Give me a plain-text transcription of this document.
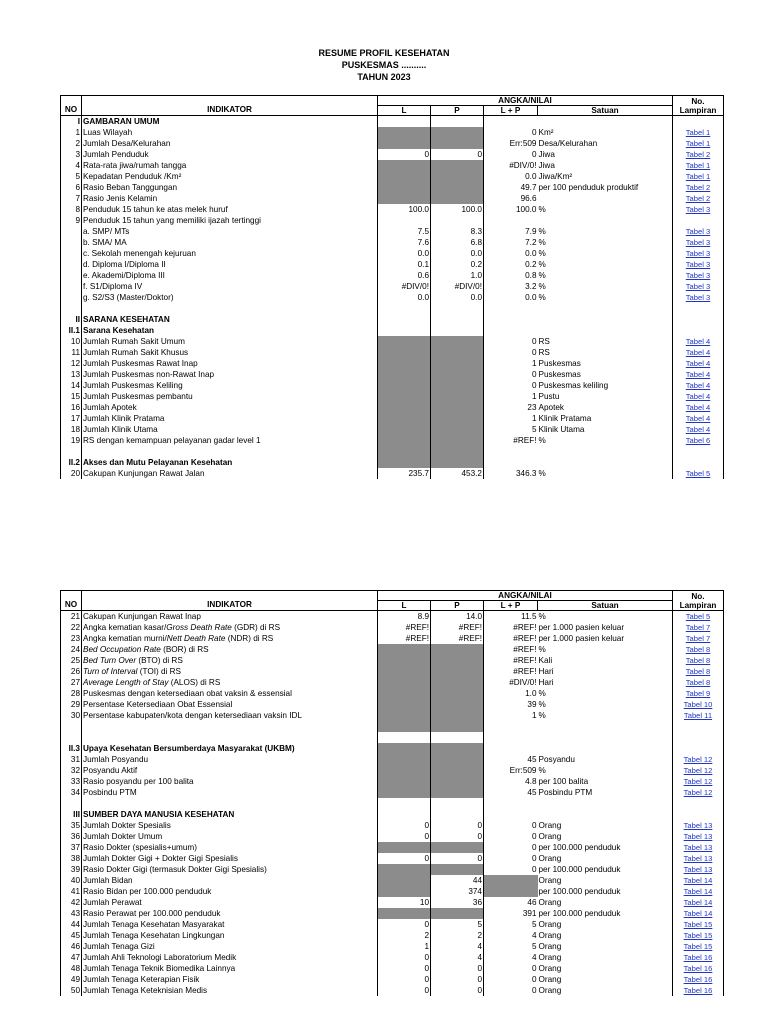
RESUME PROFIL KESEHATAN
PUSKESMAS ..........
TAHUN 2023
NO	INDIKATOR	ANGKA/NILAI				No.
		L	P	L + P	Satuan	Lampiran
I	GAMBARAN UMUM					
1	Luas Wilayah			0	Km²	Tabel 1
2	Jumlah Desa/Kelurahan			Err:509	Desa/Kelurahan	Tabel 1
3	Jumlah Penduduk	0	0	0	Jiwa	Tabel 2
4	Rata-rata jiwa/rumah tangga			#DIV/0!	Jiwa	Tabel 1
5	Kepadatan Penduduk /Km²			0.0	Jiwa/Km²	Tabel 1
6	Rasio Beban Tanggungan			49.7	per 100 penduduk produktif	Tabel 2
7	Rasio Jenis Kelamin			96.6		Tabel 2
8	Penduduk 15 tahun ke atas melek huruf	100.0	100.0	100.0	%	Tabel 3
9	Penduduk 15 tahun yang memiliki ijazah tertinggi					
	a. SMP/ MTs	7.5	8.3	7.9	%	Tabel 3
	b. SMA/ MA	7.6	6.8	7.2	%	Tabel 3
	c. Sekolah menengah kejuruan	0.0	0.0	0.0	%	Tabel 3
	d. Diploma I/Diploma II	0.1	0.2	0.2	%	Tabel 3
	e. Akademi/Diploma III	0.6	1.0	0.8	%	Tabel 3
	f. S1/Diploma IV	#DIV/0!	#DIV/0!	3.2	%	Tabel 3
	g. S2/S3 (Master/Doktor)	0.0	0.0	0.0	%	Tabel 3

II	SARANA KESEHATAN					
II.1	Sarana Kesehatan					
10	Jumlah Rumah Sakit Umum			0	RS	Tabel 4
11	Jumlah Rumah Sakit Khusus			0	RS	Tabel 4
12	Jumlah Puskesmas Rawat Inap			1	Puskesmas	Tabel 4
13	Jumlah Puskesmas non-Rawat Inap			0	Puskesmas	Tabel 4
14	Jumlah Puskesmas Keliling			0	Puskesmas keliling	Tabel 4
15	Jumlah Puskesmas pembantu			1	Pustu	Tabel 4
16	Jumlah Apotek			23	Apotek	Tabel 4
17	Jumlah Klinik Pratama			1	Klinik Pratama	Tabel 4
18	Jumlah Klinik Utama			5	Klinik Utama	Tabel 4
19	RS dengan kemampuan pelayanan gadar level 1			#REF!	%	Tabel 6

II.2	Akses dan Mutu Pelayanan Kesehatan					
20	Cakupan Kunjungan Rawat Jalan	235.7	453.2	346.3	%	Tabel 5
NO	INDIKATOR	ANGKA/NILAI				No.
		L	P	L + P	Satuan	Lampiran
21	Cakupan Kunjungan Rawat Inap	8.9	14.0	11.5	%	Tabel 5
22	Angka kematian kasar/Gross Death Rate (GDR) di RS	#REF!	#REF!	#REF!	per 1.000 pasien keluar	Tabel 7
23	Angka kematian murni/Nett Death Rate (NDR) di RS	#REF!	#REF!	#REF!	per 1.000 pasien keluar	Tabel 7
24	Bed Occupation Rate (BOR) di RS			#REF!	%	Tabel 8
25	Bed Turn Over (BTO) di RS			#REF!	Kali	Tabel 8
26	Turn of Interval (TOI) di RS			#REF!	Hari	Tabel 8
27	Average Length of Stay (ALOS) di RS			#DIV/0!	Hari	Tabel 8
28	Puskesmas dengan ketersediaan obat vaksin & essensial			1.0	%	Tabel 9
29	Persentase Ketersediaan Obat Essensial			39	%	Tabel 10
30	Persentase kabupaten/kota dengan ketersediaan vaksin IDL			1	%	Tabel 11

II.3	Upaya Kesehatan Bersumberdaya Masyarakat (UKBM)					
31	Jumlah Posyandu			45	Posyandu	Tabel 12
32	Posyandu Aktif			Err:509	%	Tabel 12
33	Rasio posyandu per 100 balita			4.8	per 100 balita	Tabel 12
34	Posbindu PTM			45	Posbindu PTM	Tabel 12

III	SUMBER DAYA MANUSIA KESEHATAN					
35	Jumlah Dokter Spesialis	0	0	0	Orang	Tabel 13
36	Jumlah Dokter Umum	0	0	0	Orang	Tabel 13
37	Rasio Dokter (spesialis+umum)			0	per 100.000 penduduk	Tabel 13
38	Jumlah Dokter Gigi + Dokter Gigi Spesialis	0	0	0	Orang	Tabel 13
39	Rasio Dokter Gigi (termasuk Dokter Gigi Spesialis)			0	per 100.000 penduduk	Tabel 13
40	Jumlah Bidan		44		Orang	Tabel 14
41	Rasio Bidan per 100.000 penduduk		374		per 100.000 penduduk	Tabel 14
42	Jumlah Perawat	10	36	46	Orang	Tabel 14
43	Rasio Perawat per 100.000 penduduk			391	per 100.000 penduduk	Tabel 14
44	Jumlah Tenaga Kesehatan Masyarakat	0	5	5	Orang	Tabel 15
45	Jumlah Tenaga Kesehatan Lingkungan	2	2	4	Orang	Tabel 15
46	Jumlah Tenaga Gizi	1	4	5	Orang	Tabel 15
47	Jumlah Ahli Teknologi Laboratorium Medik	0	4	4	Orang	Tabel 16
48	Jumlah Tenaga Teknik Biomedika Lainnya	0	0	0	Orang	Tabel 16
49	Jumlah Tenaga Keterapian Fisik	0	0	0	Orang	Tabel 16
50	Jumlah Tenaga Keteknisian Medis	0	0	0	Orang	Tabel 16
